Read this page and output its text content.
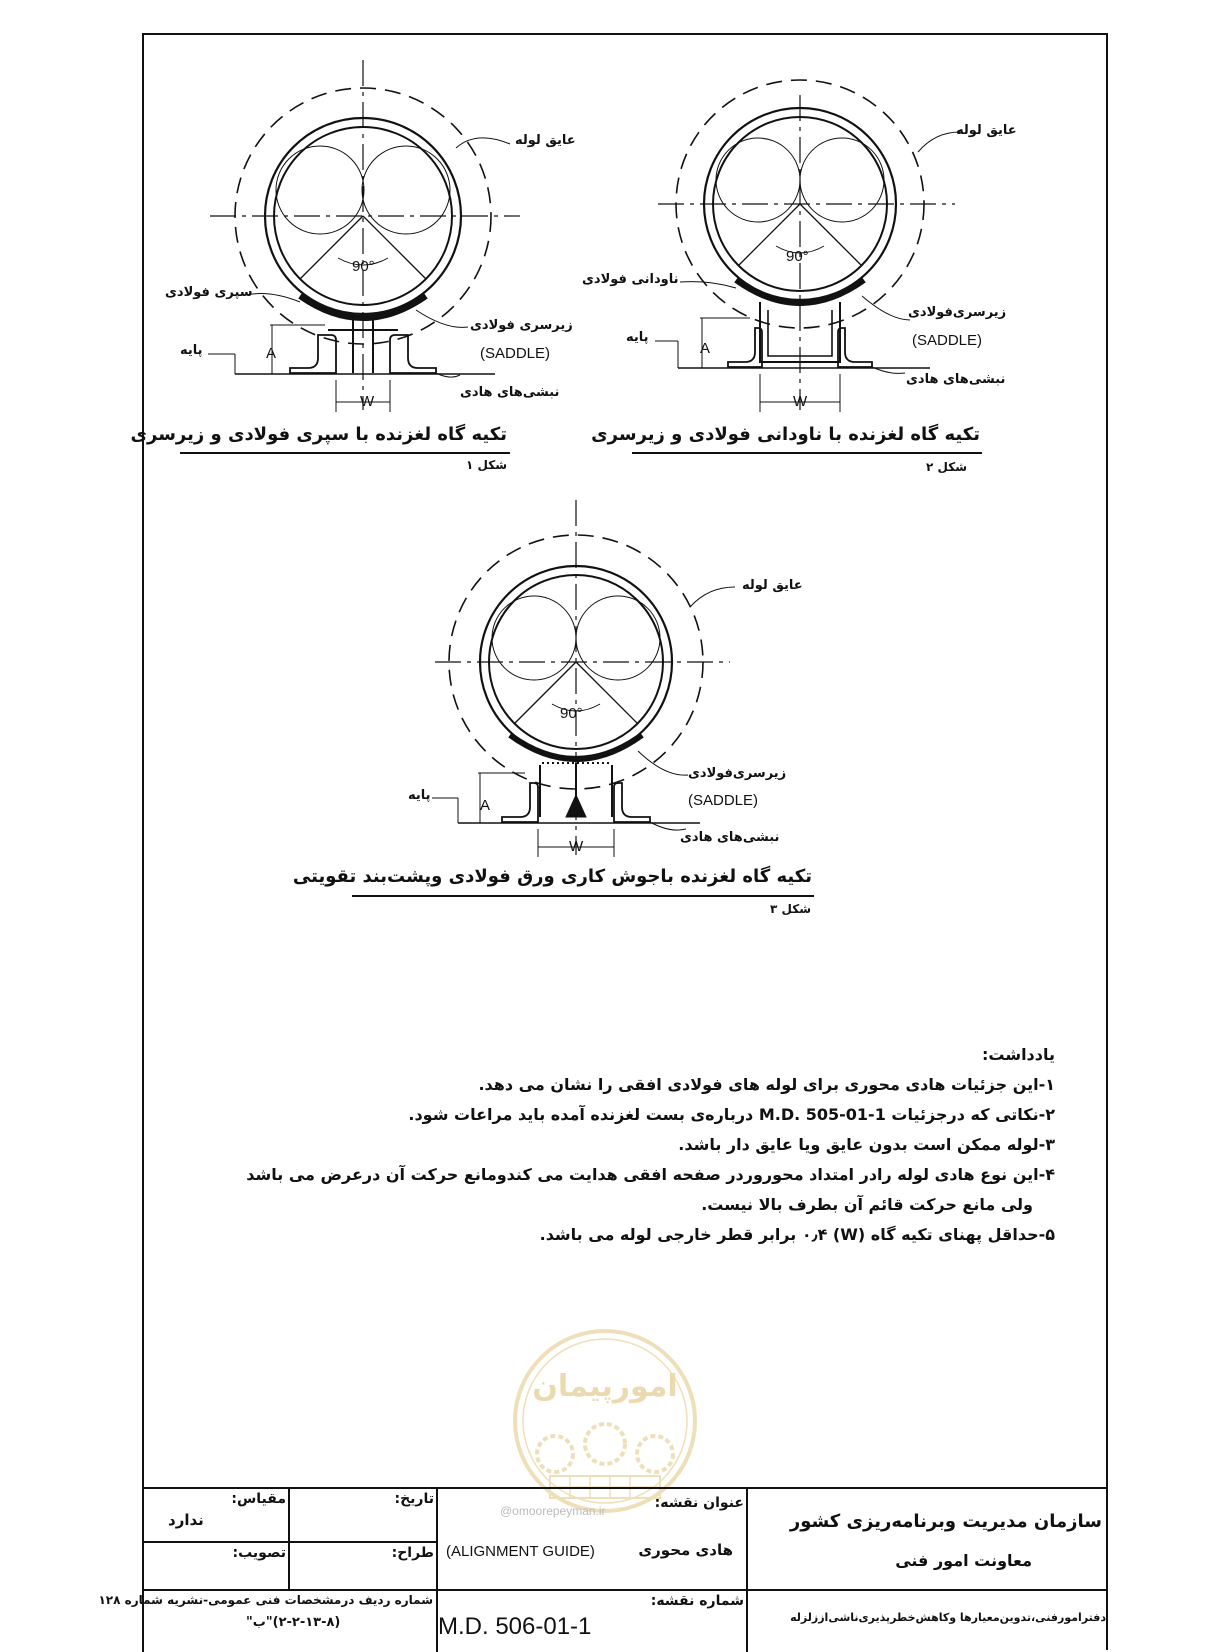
عایق لوله
90°
سپری فولادی
زیرسری فولادی
(SADDLE)
پایه	A
W
نبشی‌های هادی
تکیه گاه لغزنده با سپری فولادی و زیرسری
شکل ۱
عایق لوله
90°
ناودانی فولادی
زیرسری‌فولادی
(SADDLE)
پایه
A
W
نبشی‌های هادی
تکیه گاه لغزنده با ناودانی فولادی و زیرسری
شکل ۲
عایق لوله
90°
زیرسری‌فولادی
(SADDLE)
پایه
A
W
نبشی‌های هادی
تکیه گاه لغزنده باجوش کاری ورق فولادی وپشت‌بند تقویتی
شکل ۳
یادداشت:
۱-این جزئیات هادی محوری برای لوله های فولادی افقی را نشان می دهد.
۲-نکاتی که درجزئیات M.D. 505-01-1 درباره‌ی بست لغزنده آمده باید مراعات شود.
۳-لوله ممکن است بدون عایق ویا عایق دار باشد.
۴-این نوع هادی لوله رادر امتداد محوروردر صفحه افقی هدایت می کندومانع حرکت آن درعرض می باشد
ولی مانع حرکت قائم آن بطرف بالا نیست.
۵-حداقل پهنای تکیه گاه (W) ۰٫۴ برابر قطر خارجی لوله می باشد.
امورپیمان
مقیاس:
ندارد
تصویب:
تاریخ:
طراح:
شماره ردیف درمشخصات فنی عمومی-نشریه شماره ۱۲۸
(۲-۲-۱۳-۸)"ب"
عنوان نقشه:
هادی محوری
(ALIGNMENT GUIDE)
شماره نقشه:
M.D. 506-01-1
سازمان مدیریت وبرنامه‌ریزی کشور
معاونت امور فنی
دفترامورفنی،تدوین‌معیارها وکاهش‌خطرپذیری‌ناشی‌اززلزله
@omoorepeyman.ir
